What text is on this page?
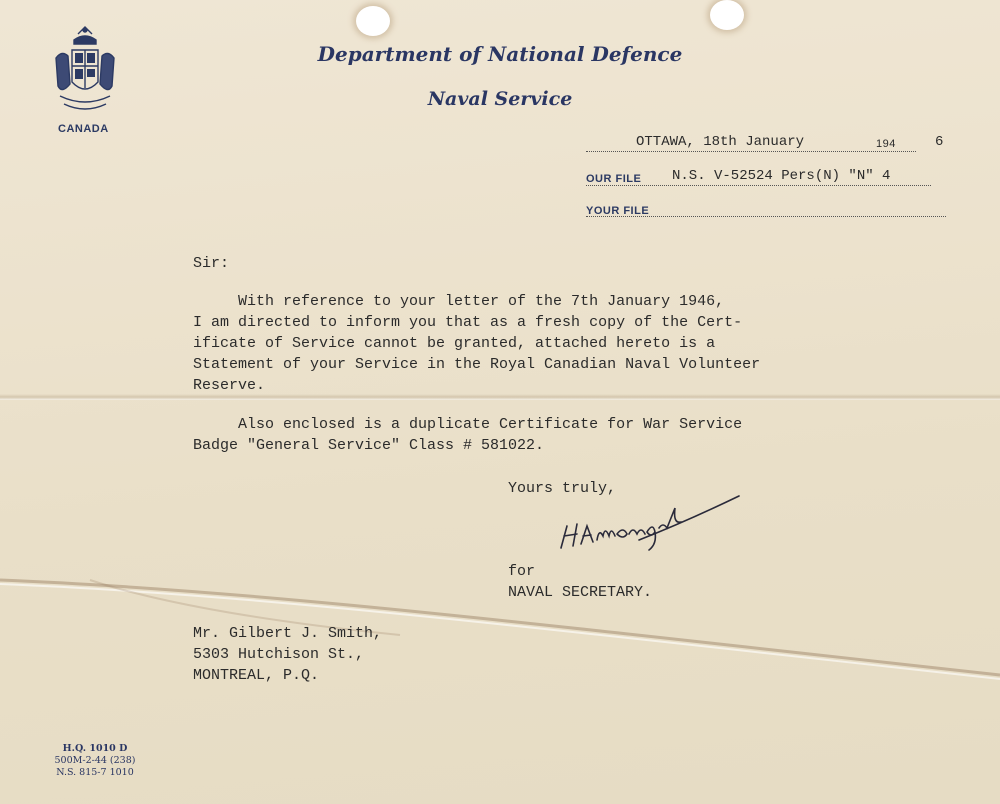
CANADA
Department of National Defence
Naval Service
OTTAWA, 18th January	194	6
OUR FILE N.S. V-52524 Pers(N) "N" 4
YOUR FILE
Sir:
With reference to your letter of the 7th January 1946,
I am directed to inform you that as a fresh copy of the Cert-
ificate of Service cannot be granted, attached hereto is a
Statement of your Service in the Royal Canadian Naval Volunteer
Reserve.
Also enclosed is a duplicate Certificate for War Service
Badge "General Service" Class # 581022.
Yours truly,
for
NAVAL SECRETARY.
Mr. Gilbert J. Smith,
5303 Hutchison St.,
MONTREAL, P.Q.
H.Q. 1010 D
500M-2-44 (238)
N.S. 815-7 1010
